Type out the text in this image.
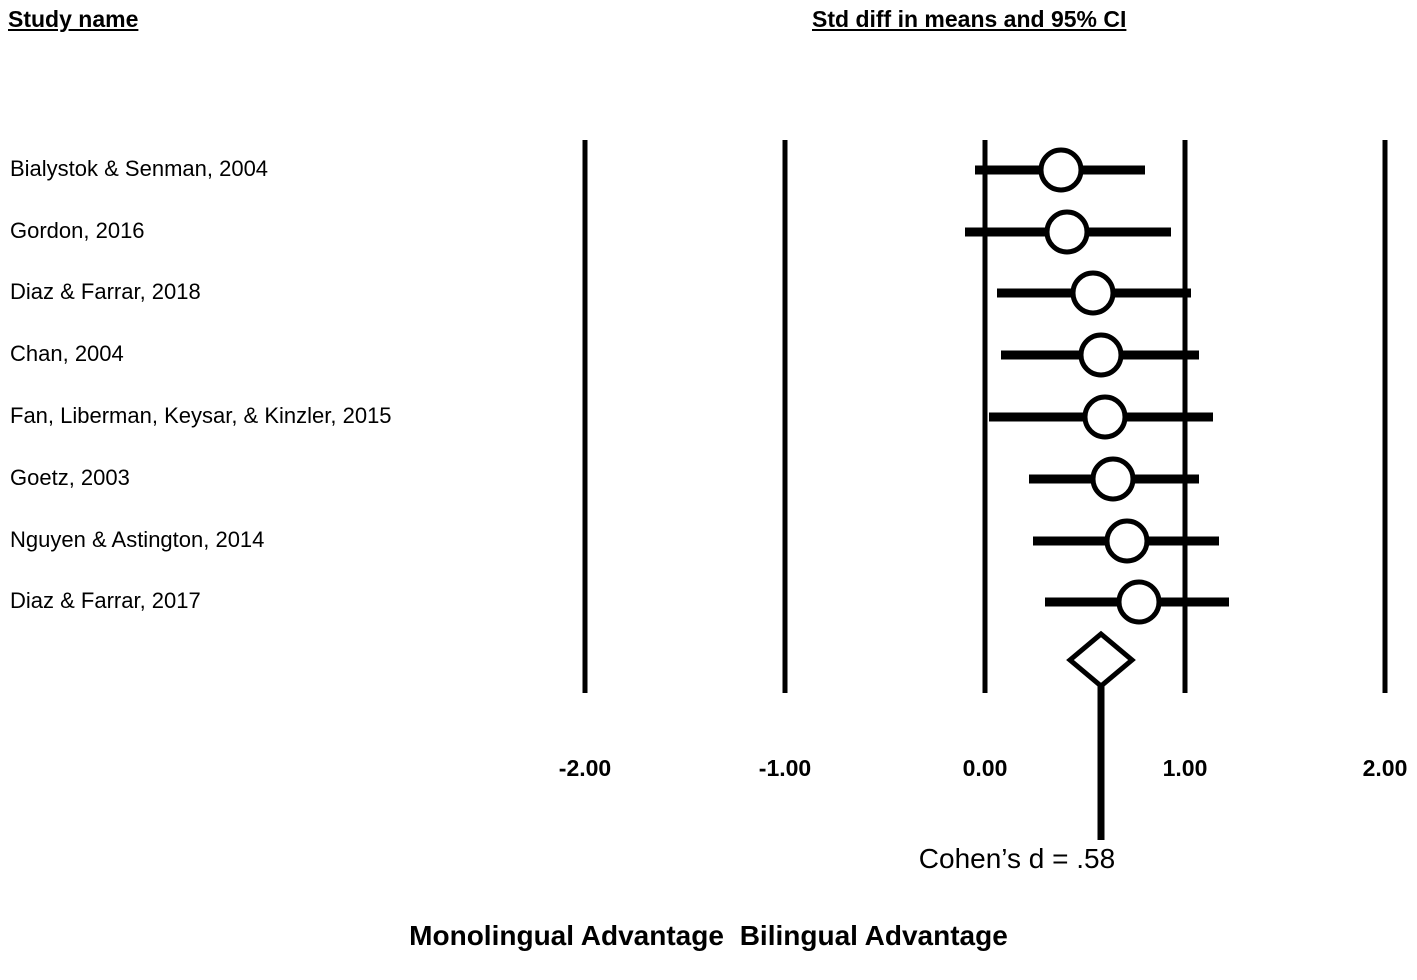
Study name	Std diff in means and 95% CI
Bialystok & Senman, 2004
Gordon, 2016
Diaz & Farrar, 2018
Chan, 2004
Fan, Liberman, Keysar, & Kinzler, 2015
Goetz, 2003
Nguyen & Astington, 2014
Diaz & Farrar, 2017
-2.00	-1.00	0.00	1.00	2.00
Cohen’s d = .58
Monolingual Advantage Bilingual Advantage
